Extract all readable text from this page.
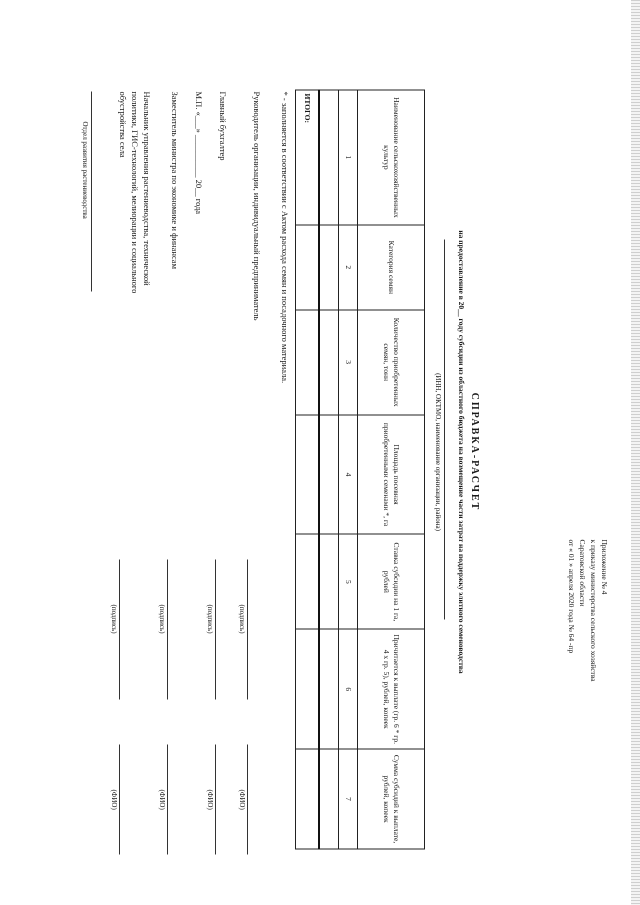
Приложение № 4
к приказу министерства сельского хозяйства
Саратовской области
от « 01 » апреля 2020 года № 64 -пр
СПРАВКА-РАСЧЕТ
на предоставление в 20__ году субсидии из областного бюджета на возмещение части затрат на поддержку элитного семеноводства
(ИНН, ОКТМО, наименование организации, района)
Наименование сельскохозяйственных культур	Категория семян	Количество приобретенных семян, тонн	Площадь посевная приобретенными семенами *, га	Ставка субсидии на 1 га, рублей	Причитается к выплате (гр. 6 * гр. 4 х гр. 5), рублей, копеек	Сумма субсидий к выплате, рублей, копеек
1	2	3	4	5	6	7

ИТОГО:						
* - заполняется в соответствии с Актом расхода семян и посадочного материала.
Руководитель организации, индивидуальный предприниматель
(подпись)
(ФИО)
Главный бухгалтер
(подпись)
(ФИО)
М.П. «___» __________ 20__ года
Заместитель министра по экономике и финансам
(подпись)
(ФИО)
Начальник управления растениеводства, технической
политики, ГИС-технологий, мелиорации и социального
обустройства села
(подпись)
(ФИО)
Отдел развития растениеводства
